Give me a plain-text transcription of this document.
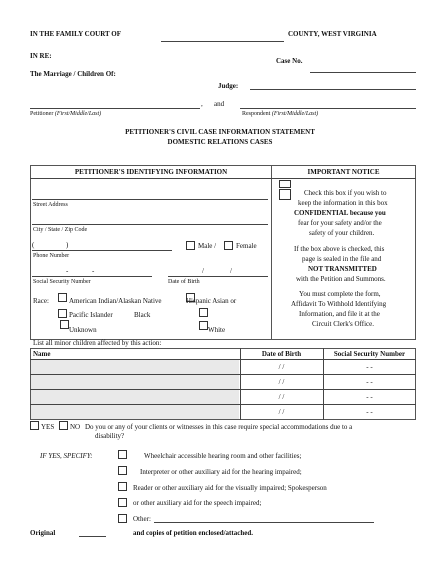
IN THE FAMILY COURT OF	COUNTY, WEST VIRGINIA
IN RE:
Case No.
The Marriage / Children Of:
Judge:
, and
Petitioner (First/Middle/Last)	Respondent (First/Middle/Last)
PETITIONER'S CIVIL CASE INFORMATION STATEMENT
DOMESTIC RELATIONS CASES
PETITIONER'S IDENTIFYING INFORMATION	IMPORTANT NOTICE
Street Address
City / State / Zip Code
(	)
Phone Number
Male /	Female
-	-
Social Security Number
/	/
Date of Birth
Race:	American Indian/Alaskan Native	Hispanic Asian or
Pacific Islander	Black
Unknown	White
Check this box if you wish to
keep the information in this box
CONFIDENTIAL because you
fear for your safety and/or the
safety of your children.
If the box above is checked, this
page is sealed in the file and
NOT TRANSMITTED
with the Petition and Summons.
You must complete the form,
Affidavit To Withhold Identifying
Information, and file it at the
Circuit Clerk's Office.
List all minor children affected by this action:
Name	Date of Birth	Social Security Number
/ /	- -
/ /	- -
/ /	- -
/ /	- -
YES NO Do you or any of your clients or witnesses in this case require special accommodations due to a
disability?
IF YES, SPECIFY:	Wheelchair accessible hearing room and other facilities;
Interpreter or other auxiliary aid for the hearing impaired;
Reader or other auxiliary aid for the visually impaired; Spokesperson
or other auxiliary aid for the speech impaired;
Other:
Original	and copies of petition enclosed/attached.
